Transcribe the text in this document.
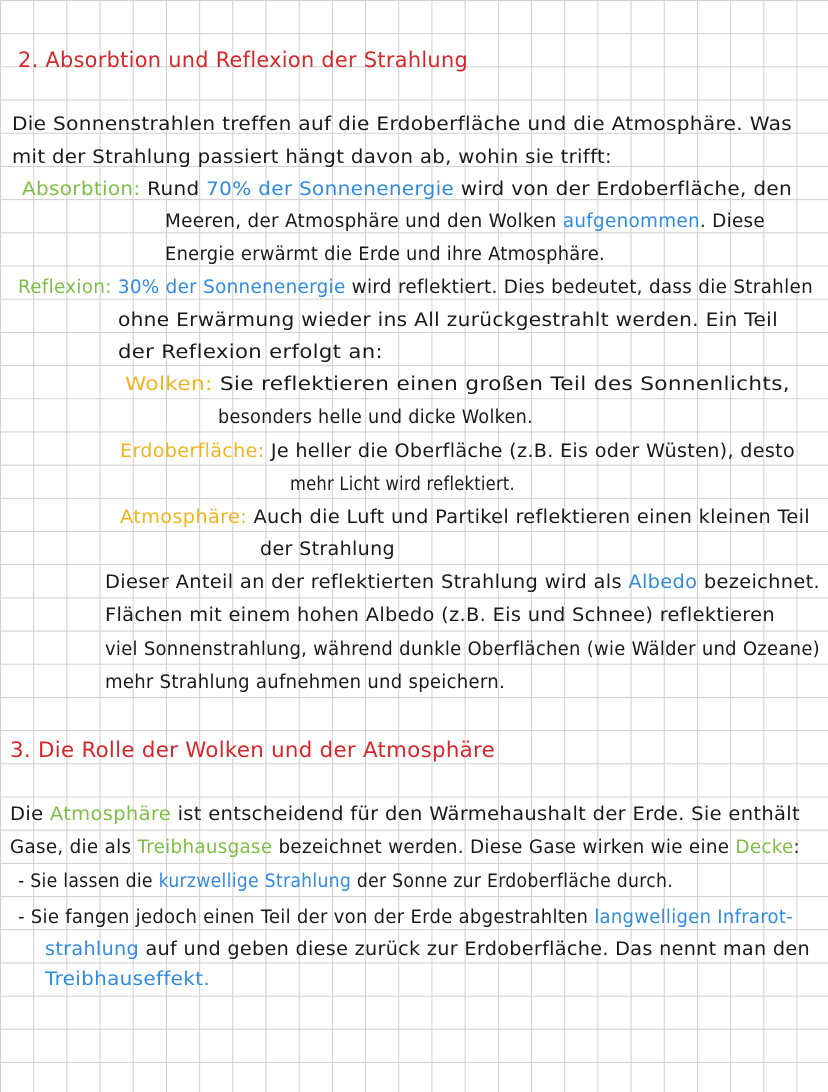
2. Absorbtion und Reflexion der Strahlung
Die Sonnenstrahlen treffen auf die Erdoberfläche und die Atmosphäre. Was
mit der Strahlung passiert hängt davon ab, wohin sie trifft:
Absorbtion: Rund 70% der Sonnenenergie wird von der Erdoberfläche, den
Meeren, der Atmosphäre und den Wolken aufgenommen. Diese
Energie erwärmt die Erde und ihre Atmosphäre.
Reflexion: 30% der Sonnenenergie wird reflektiert. Dies bedeutet, dass die Strahlen
ohne Erwärmung wieder ins All zurückgestrahlt werden. Ein Teil
der Reflexion erfolgt an:
Wolken: Sie reflektieren einen großen Teil des Sonnenlichts,
besonders helle und dicke Wolken.
Erdoberfläche: Je heller die Oberfläche (z.B. Eis oder Wüsten), desto
mehr Licht wird reflektiert.
Atmosphäre: Auch die Luft und Partikel reflektieren einen kleinen Teil
der Strahlung
Dieser Anteil an der reflektierten Strahlung wird als Albedo bezeichnet.
Flächen mit einem hohen Albedo (z.B. Eis und Schnee) reflektieren
viel Sonnenstrahlung, während dunkle Oberflächen (wie Wälder und Ozeane)
mehr Strahlung aufnehmen und speichern.
3. Die Rolle der Wolken und der Atmosphäre
Die Atmosphäre ist entscheidend für den Wärmehaushalt der Erde. Sie enthält
Gase, die als Treibhausgase bezeichnet werden. Diese Gase wirken wie eine Decke:
- Sie lassen die kurzwellige Strahlung der Sonne zur Erdoberfläche durch.
- Sie fangen jedoch einen Teil der von der Erde abgestrahlten langwelligen Infrarot-
strahlung auf und geben diese zurück zur Erdoberfläche. Das nennt man den
Treibhauseffekt.
